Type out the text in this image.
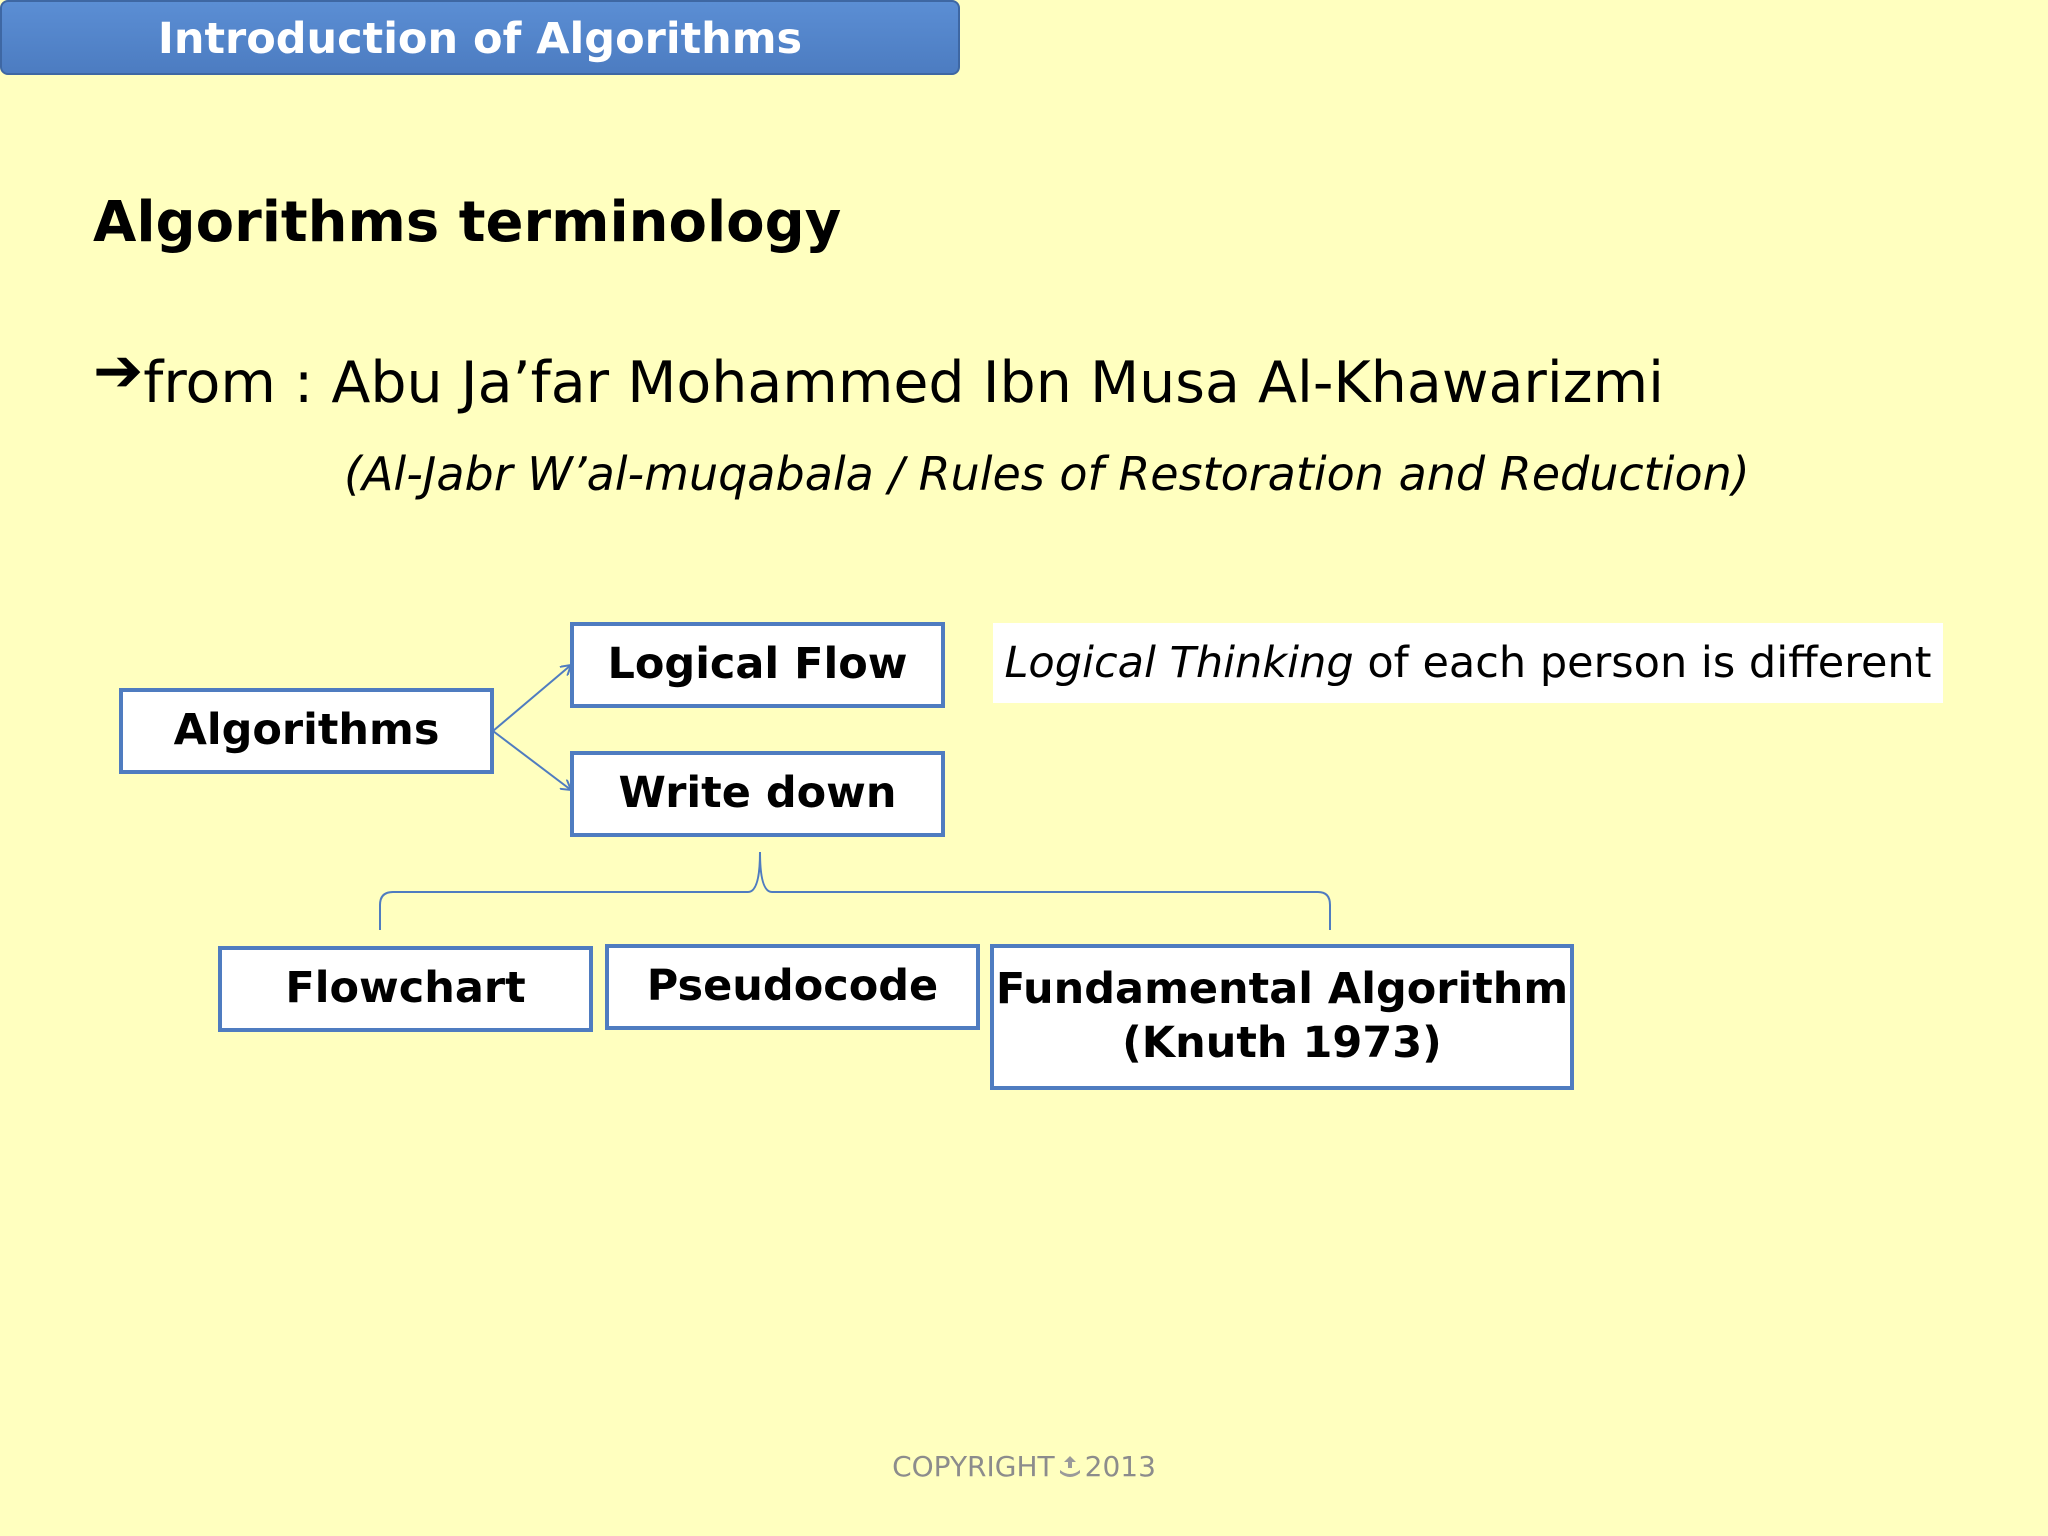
Introduction of Algorithms
Algorithms terminology
➔from : Abu Ja’far Mohammed Ibn Musa Al-Khawarizmi
(Al-Jabr W’al-muqabala / Rules of Restoration and Reduction)
Algorithms
Logical Flow
Write down
Logical Thinking of each person is different
Flowchart	Pseudocode Fundamental Algorithm
(Knuth 1973)
COPYRIGHT 2013
